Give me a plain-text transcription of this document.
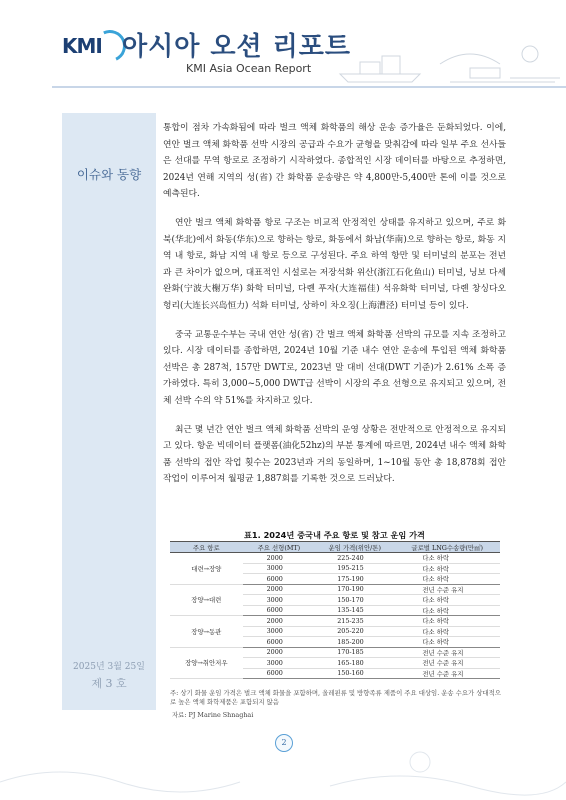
KMI 아시아 오션 리포트
KMI Asia Ocean Report
이슈와 동향
2025년 3월 25일
제 3 호

통합이 점차 가속화됨에 따라 벌크 액체 화학품의 해상 운송 증가율은 둔화되었다. 이에, 연안 벌크 액체 화학품 선박 시장의 공급과 수요가 균형을 맞춰감에 따라 일부 주요 선사들은 선대를 무역 항로로 조정하기 시작하였다. 종합적인 시장 데이터를 바탕으로 추정하면, 2024년 연해 지역의 성(省) 간 화학품 운송량은 약 4,800만-5,400만 톤에 이를 것으로 예측된다.

연안 벌크 액체 화학품 항로 구조는 비교적 안정적인 상태를 유지하고 있으며, 주로 화북(华北)에서 화동(华东)으로 향하는 항로, 화동에서 화남(华南)으로 향하는 항로, 화동 지역 내 항로, 화남 지역 내 항로 등으로 구성된다. 주요 하역 항만 및 터미널의 분포는 전년과 큰 차이가 없으며, 대표적인 시설로는 저장석화 위산(浙江石化鱼山) 터미널, 닝보 다셰 완화(宁波大榭万华) 화학 터미널, 다롄 푸자(大连福佳) 석유화학 터미널, 다롄 창싱다오 헝리(大连长兴岛恒力) 석화 터미널, 상하이 차오징(上海漕泾) 터미널 등이 있다.

중국 교통운수부는 국내 연안 성(省) 간 벌크 액체 화학품 선박의 규모를 지속 조정하고 있다. 시장 데이터를 종합하면, 2024년 10월 기준 내수 연안 운송에 투입된 액체 화학품 선박은 총 287척, 157만 DWT로, 2023년 말 대비 선대(DWT 기준)가 2.61% 소폭 증가하였다. 특히 3,000~5,000 DWT급 선박이 시장의 주요 선형으로 유지되고 있으며, 전체 선박 수의 약 51%를 차지하고 있다.

최근 몇 년간 연안 벌크 액체 화학품 선박의 운영 상황은 전반적으로 안정적으로 유지되고 있다. 항운 빅데이터 플랫폼(油化52hz)의 부분 통계에 따르면, 2024년 내수 액체 화학품 선박의 접안 작업 횟수는 2023년과 거의 동일하며, 1~10월 동안 총 18,878회 접안 작업이 이루어져 월평균 1,887회를 기록한 것으로 드러났다.

표1. 2024년 중국내 주요 항로 및 참고 운임 가격
주요 항로	주요 선형(MT)	운임 가격(위안/톤)	글로벌 LNG수송량(만㎥)
대련→장양	2000	225-240	다소 하락
	3000	195-215	다소 하락
	6000	175-190	다소 하락
장양→대련	2000	170-190	전년 수준 유지
	3000	150-170	다소 하락
	6000	135-145	다소 하락
장양→동관	2000	215-235	다소 하락
	3000	205-220	다소 하락
	6000	185-200	다소 하락
장양→취안저우	2000	170-185	전년 수준 유지
	3000	165-180	전년 수준 유지
	6000	150-160	전년 수준 유지
주: 상기 화물 운임 가격은 벌크 액체 화물을 포함하며, 올레핀류 및 방향족류 제품이 주요 대상임. 운송 수요가 상대적으로 높은 액체 화학제품은 포함되지 않음
자료: PJ Marine Shnaghai
2
